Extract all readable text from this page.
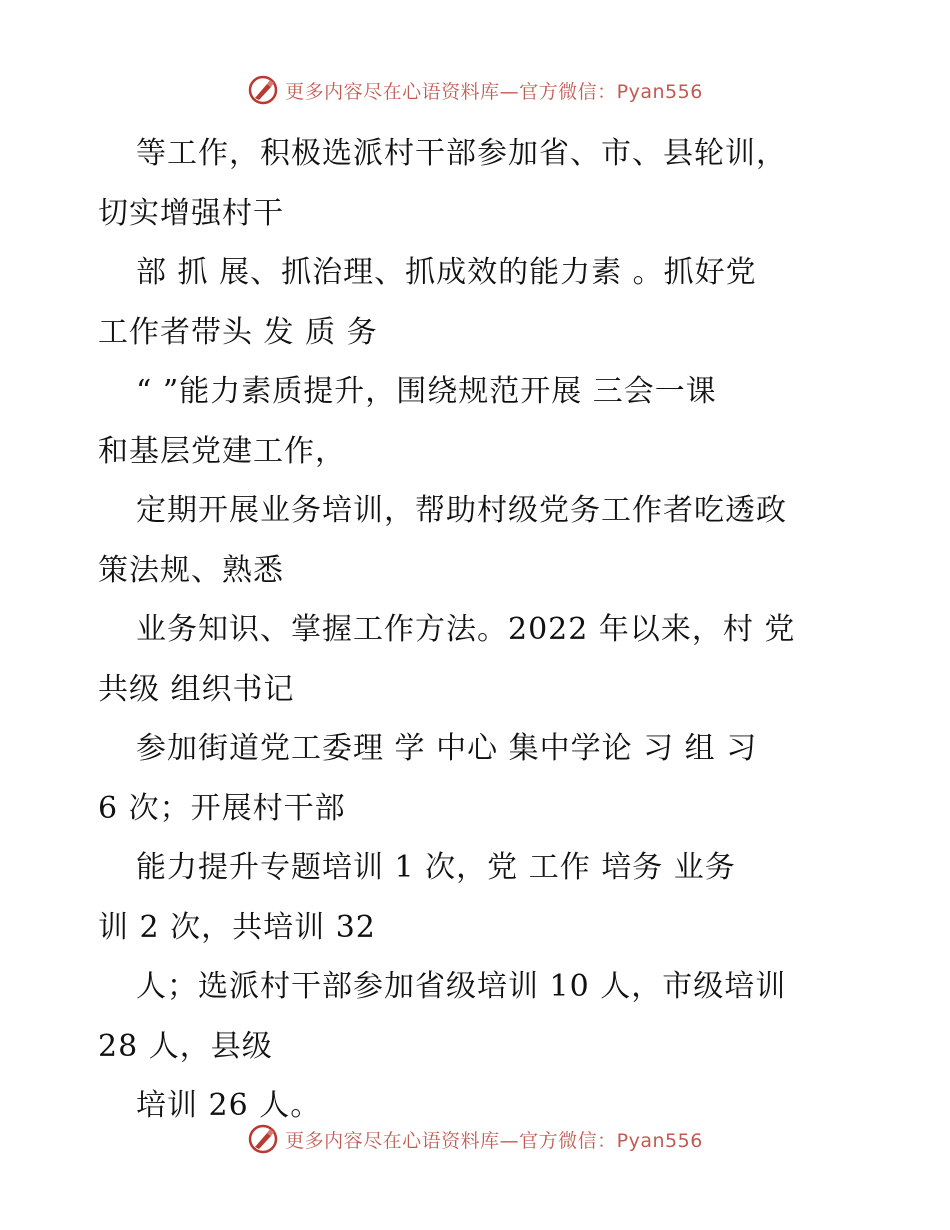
更多内容尽在心语资料库—官方微信：Pyan556
等工作，积极选派村干部参加省、市、县轮训，
切实增强村干
部 抓 展、抓治理、抓成效的能力素 。抓好党
工作者带头 发 质 务
“ ”能力素质提升，围绕规范开展 三会一课
和基层党建工作，
定期开展业务培训，帮助村级党务工作者吃透政
策法规、熟悉
业务知识、掌握工作方法。2022 年以来，村 党
共级 组织书记
参加街道党工委理 学 中心 集中学论 习 组 习
6 次；开展村干部
能力提升专题培训 1 次，党 工作 培务 业务
训 2 次，共培训 32
人；选派村干部参加省级培训 10 人，市级培训
28 人，县级
培训 26 人。
更多内容尽在心语资料库—官方微信：Pyan556
